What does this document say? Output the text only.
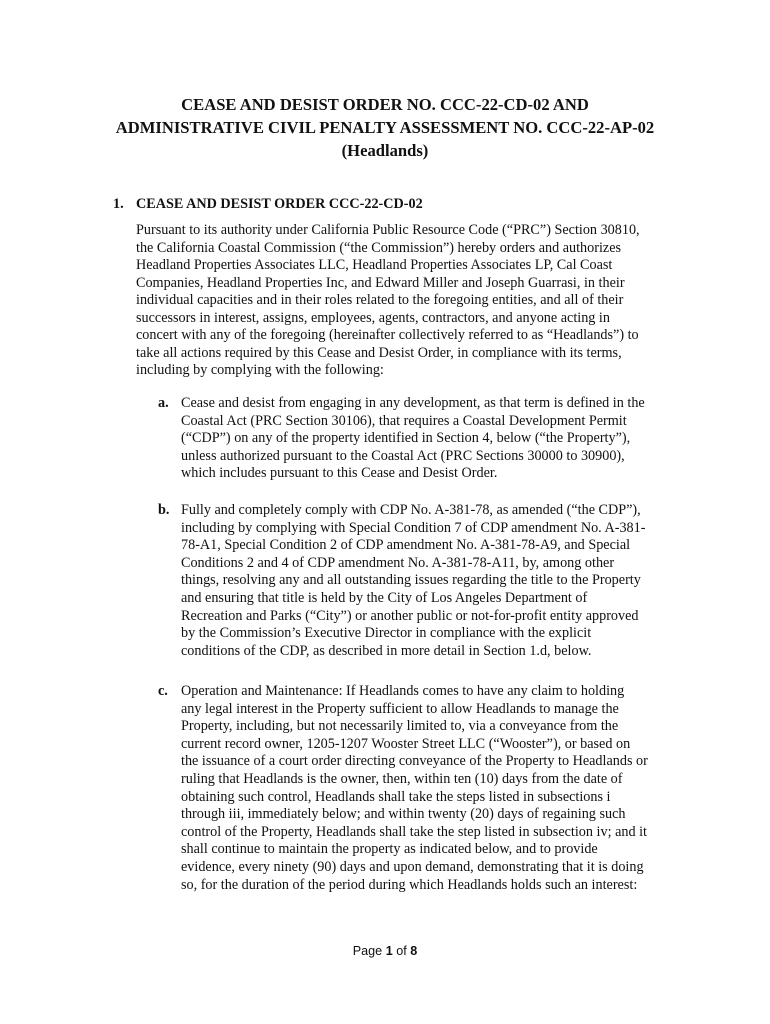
CEASE AND DESIST ORDER NO. CCC-22-CD-02 AND
ADMINISTRATIVE CIVIL PENALTY ASSESSMENT NO. CCC-22-AP-02
(Headlands)
1. CEASE AND DESIST ORDER CCC-22-CD-02
Pursuant to its authority under California Public Resource Code (“PRC”) Section 30810,
the California Coastal Commission (“the Commission”) hereby orders and authorizes
Headland Properties Associates LLC, Headland Properties Associates LP, Cal Coast
Companies, Headland Properties Inc, and Edward Miller and Joseph Guarrasi, in their
individual capacities and in their roles related to the foregoing entities, and all of their
successors in interest, assigns, employees, agents, contractors, and anyone acting in
concert with any of the foregoing (hereinafter collectively referred to as “Headlands”) to
take all actions required by this Cease and Desist Order, in compliance with its terms,
including by complying with the following:
a. Cease and desist from engaging in any development, as that term is defined in the
Coastal Act (PRC Section 30106), that requires a Coastal Development Permit
(“CDP”) on any of the property identified in Section 4, below (“the Property”),
unless authorized pursuant to the Coastal Act (PRC Sections 30000 to 30900),
which includes pursuant to this Cease and Desist Order.
b. Fully and completely comply with CDP No. A-381-78, as amended (“the CDP”),
including by complying with Special Condition 7 of CDP amendment No. A-381-
78-A1, Special Condition 2 of CDP amendment No. A-381-78-A9, and Special
Conditions 2 and 4 of CDP amendment No. A-381-78-A11, by, among other
things, resolving any and all outstanding issues regarding the title to the Property
and ensuring that title is held by the City of Los Angeles Department of
Recreation and Parks (“City”) or another public or not-for-profit entity approved
by the Commission’s Executive Director in compliance with the explicit
conditions of the CDP, as described in more detail in Section 1.d, below.
c. Operation and Maintenance: If Headlands comes to have any claim to holding
any legal interest in the Property sufficient to allow Headlands to manage the
Property, including, but not necessarily limited to, via a conveyance from the
current record owner, 1205-1207 Wooster Street LLC (“Wooster”), or based on
the issuance of a court order directing conveyance of the Property to Headlands or
ruling that Headlands is the owner, then, within ten (10) days from the date of
obtaining such control, Headlands shall take the steps listed in subsections i
through iii, immediately below; and within twenty (20) days of regaining such
control of the Property, Headlands shall take the step listed in subsection iv; and it
shall continue to maintain the property as indicated below, and to provide
evidence, every ninety (90) days and upon demand, demonstrating that it is doing
so, for the duration of the period during which Headlands holds such an interest:
Page 1 of 8
